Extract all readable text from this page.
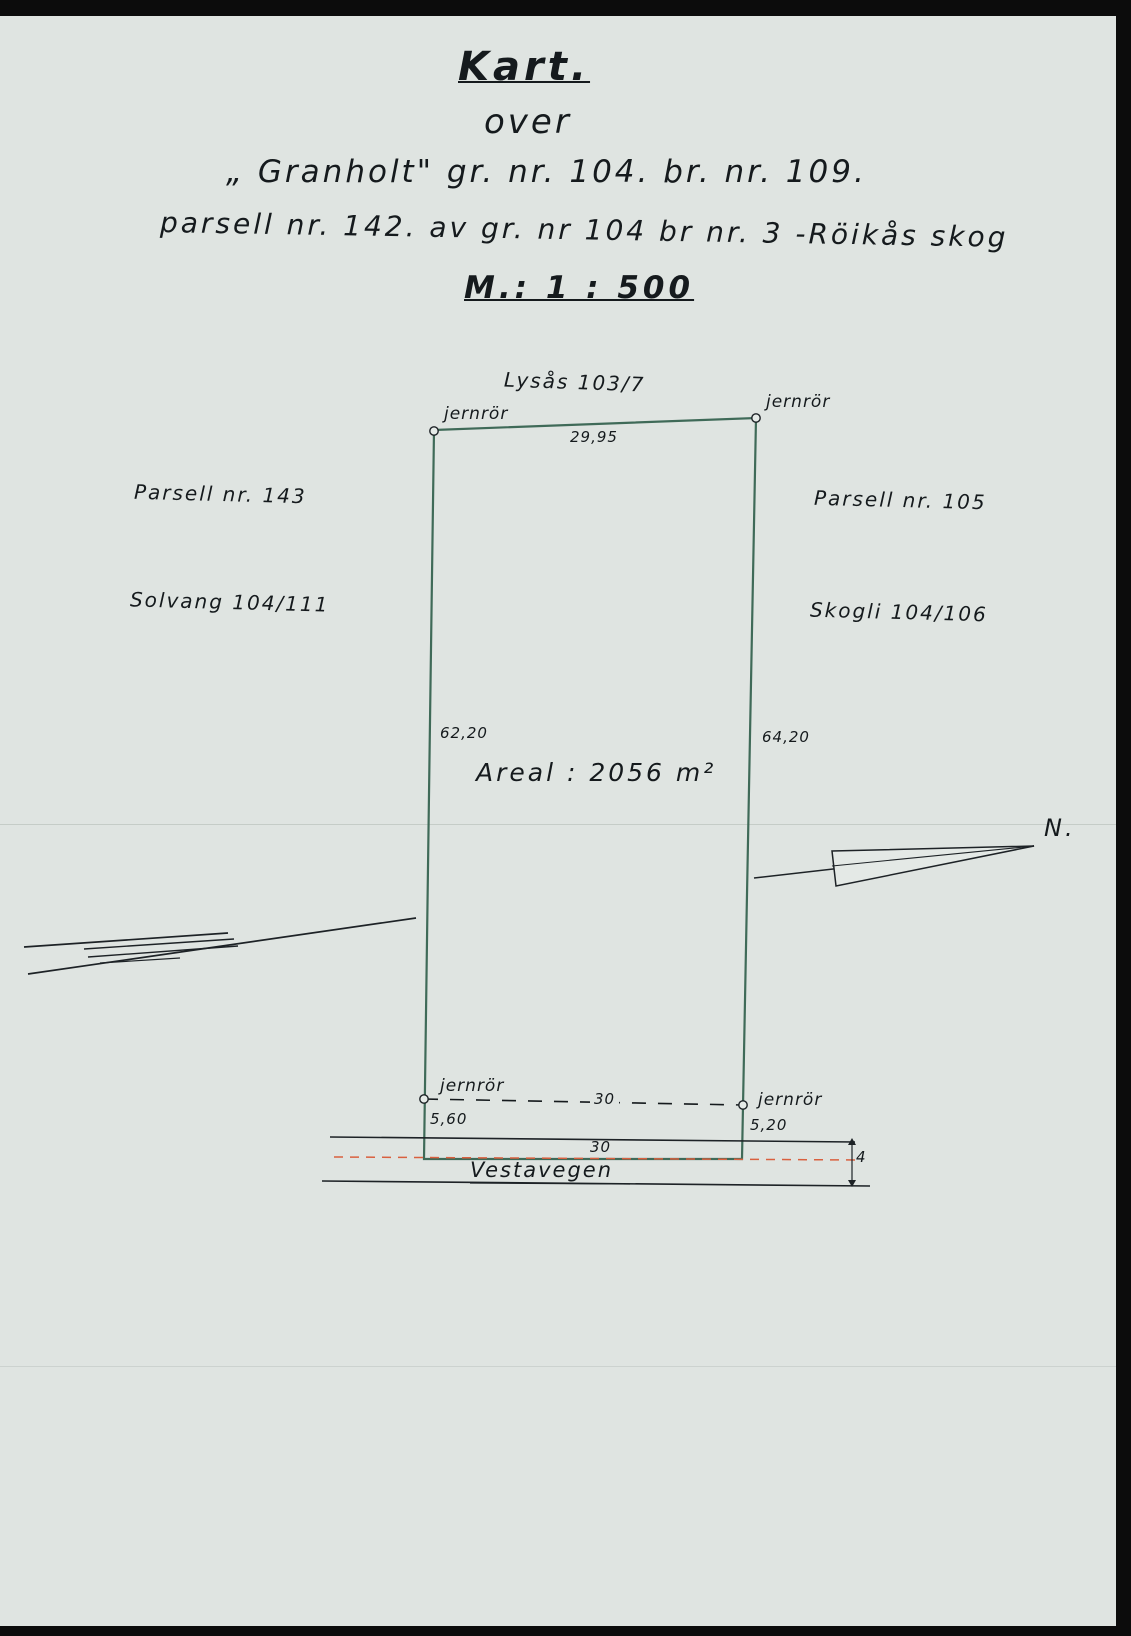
Kart.
over
„ Granholt" gr. nr. 104. br. nr. 109.
parsell nr. 142. av gr. nr 104 br nr. 3 -Röikås skog
M.: 1 : 500
Lysås 103/7
Parsell nr. 143
Solvang 104/111
Parsell nr. 105
Skogli 104/106
jernrör
jernrör
jernrör
jernrör
29,95
62,20	64,20
30
30
5,60	5,20
4
Areal : 2056 m²
Vestavegen
N.
